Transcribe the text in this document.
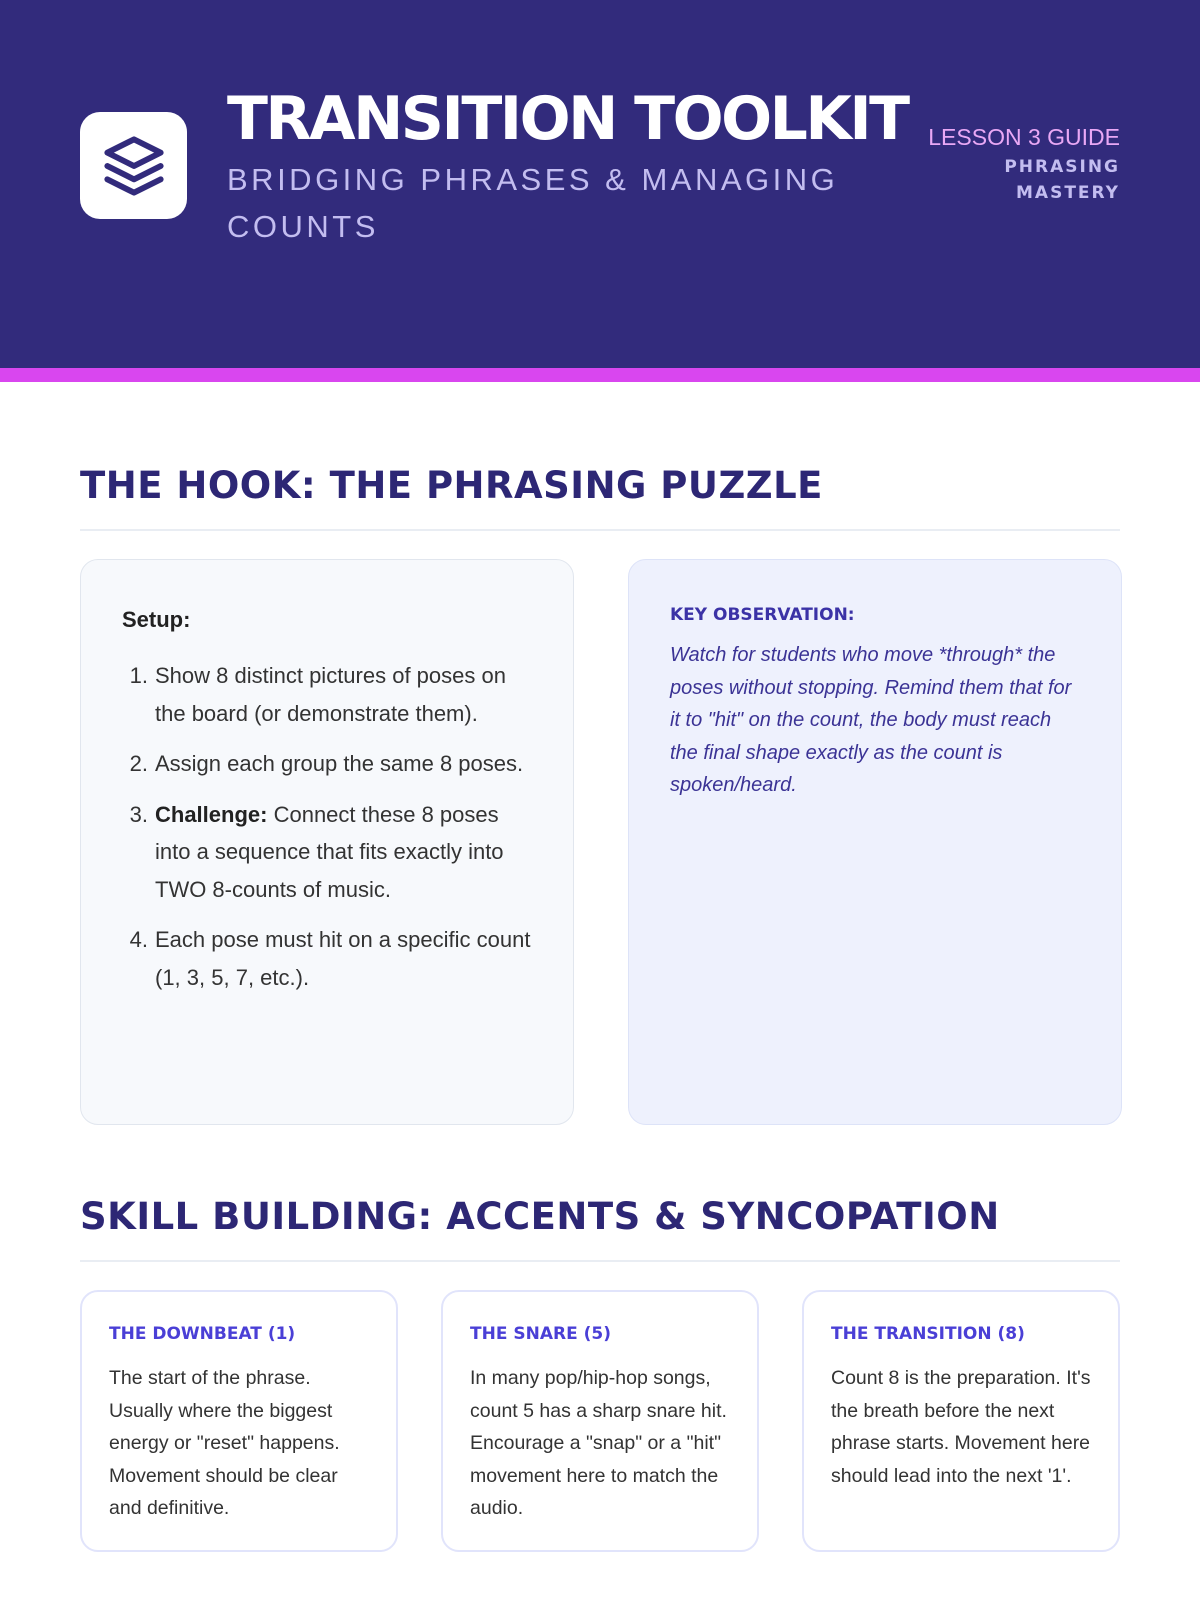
TRANSITION TOOLKIT
BRIDGING PHRASES & MANAGING COUNTS
LESSON 3 GUIDE
PHRASING
MASTERY
THE HOOK: THE PHRASING PUZZLE
Setup:
1. Show 8 distinct pictures of poses on the board (or demonstrate them).
2. Assign each group the same 8 poses.
3. Challenge: Connect these 8 poses into a sequence that fits exactly into TWO 8-counts of music.
4. Each pose must hit on a specific count (1, 3, 5, 7, etc.).
KEY OBSERVATION:
Watch for students who move *through* the poses without stopping. Remind them that for it to "hit" on the count, the body must reach the final shape exactly as the count is spoken/heard.
SKILL BUILDING: ACCENTS & SYNCOPATION
THE DOWNBEAT (1)
The start of the phrase. Usually where the biggest energy or "reset" happens. Movement should be clear and definitive.
THE SNARE (5)
In many pop/hip-hop songs, count 5 has a sharp snare hit. Encourage a "snap" or a "hit" movement here to match the audio.
THE TRANSITION (8)
Count 8 is the preparation. It's the breath before the next phrase starts. Movement here should lead into the next '1'.
